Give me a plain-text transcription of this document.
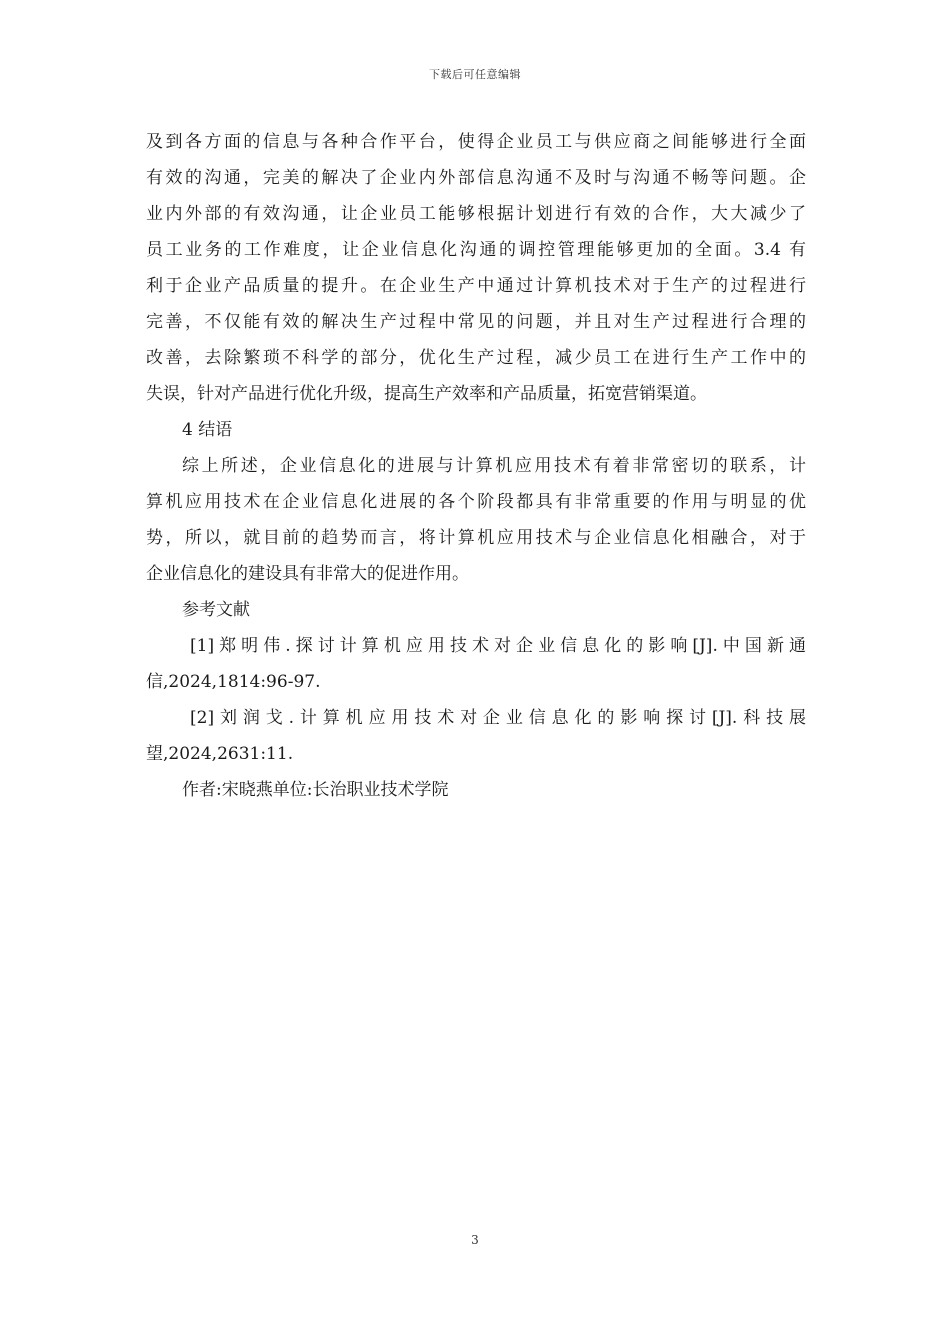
下载后可任意编辑

及到各方面的信息与各种合作平台，使得企业员工与供应商之间能够进行全面

有效的沟通，完美的解决了企业内外部信息沟通不及时与沟通不畅等问题。企

业内外部的有效沟通，让企业员工能够根据计划进行有效的合作，大大减少了

员工业务的工作难度，让企业信息化沟通的调控管理能够更加的全面。3.4 有

利于企业产品质量的提升。在企业生产中通过计算机技术对于生产的过程进行

完善，不仅能有效的解决生产过程中常见的问题，并且对生产过程进行合理的

改善，去除繁琐不科学的部分，优化生产过程，减少员工在进行生产工作中的

失误，针对产品进行优化升级，提高生产效率和产品质量，拓宽营销渠道。

4 结语

综上所述，企业信息化的进展与计算机应用技术有着非常密切的联系，计

算机应用技术在企业信息化进展的各个阶段都具有非常重要的作用与明显的优

势，所以，就目前的趋势而言，将计算机应用技术与企业信息化相融合，对于

企业信息化的建设具有非常大的促进作用。

参考文献

[1]郑明伟.探讨计算机应用技术对企业信息化的影响[J].中国新通

信,2024,1814:96-97.

[2]刘润戈.计算机应用技术对企业信息化的影响探讨[J].科技展

望,2024,2631:11.

作者:宋晓燕单位:长治职业技术学院

3
